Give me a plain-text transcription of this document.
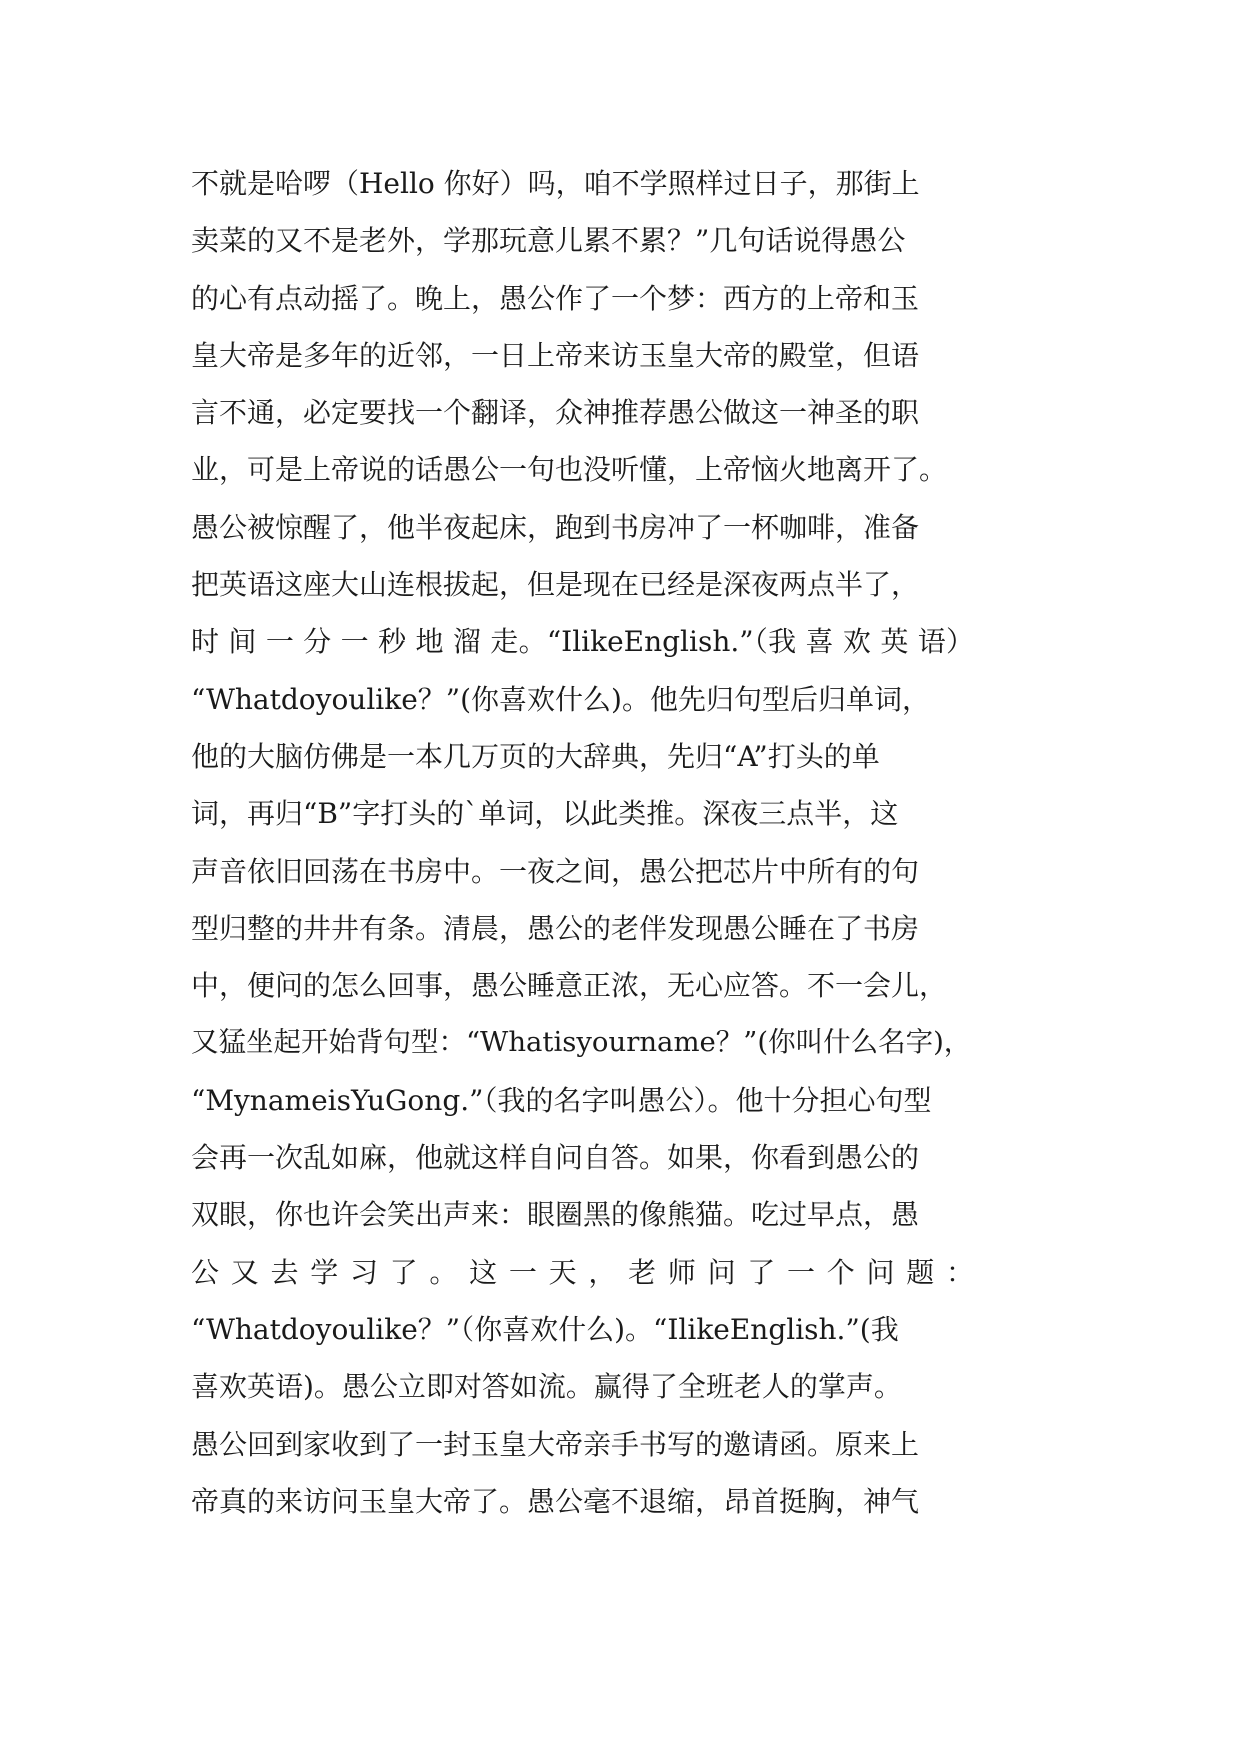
不就是哈啰（Hello 你好）吗，咱不学照样过日子，那街上
卖菜的又不是老外，学那玩意儿累不累？”几句话说得愚公
的心有点动摇了。晚上，愚公作了一个梦：西方的上帝和玉
皇大帝是多年的近邻，一日上帝来访玉皇大帝的殿堂，但语
言不通，必定要找一个翻译，众神推荐愚公做这一神圣的职
业，可是上帝说的话愚公一句也没听懂，上帝恼火地离开了。
愚公被惊醒了，他半夜起床，跑到书房冲了一杯咖啡，准备
把英语这座大山连根拔起，但是现在已经是深夜两点半了，
时 间 一 分 一 秒 地 溜 走。“IlikeEnglish.”（我 喜 欢 英 语）
“Whatdoyoulike？”(你喜欢什么)。他先归句型后归单词，
他的大脑仿佛是一本几万页的大辞典，先归“A”打头的单
词，再归“B”字打头的`单词，以此类推。深夜三点半，这
声音依旧回荡在书房中。一夜之间，愚公把芯片中所有的句
型归整的井井有条。清晨，愚公的老伴发现愚公睡在了书房
中，便问的怎么回事，愚公睡意正浓，无心应答。不一会儿，
又猛坐起开始背句型：“Whatisyourname？”(你叫什么名字)，
“MynameisYuGong.”（我的名字叫愚公）。他十分担心句型
会再一次乱如麻，他就这样自问自答。如果，你看到愚公的
双眼，你也许会笑出声来：眼圈黑的像熊猫。吃过早点，愚
公 又 去 学 习 了 。 这 一 天 ， 老 师 问 了 一 个 问 题 ：
“Whatdoyoulike？”（你喜欢什么)。“IlikeEnglish.”(我
喜欢英语)。愚公立即对答如流。赢得了全班老人的掌声。
愚公回到家收到了一封玉皇大帝亲手书写的邀请函。原来上
帝真的来访问玉皇大帝了。愚公毫不退缩，昂首挺胸，神气
